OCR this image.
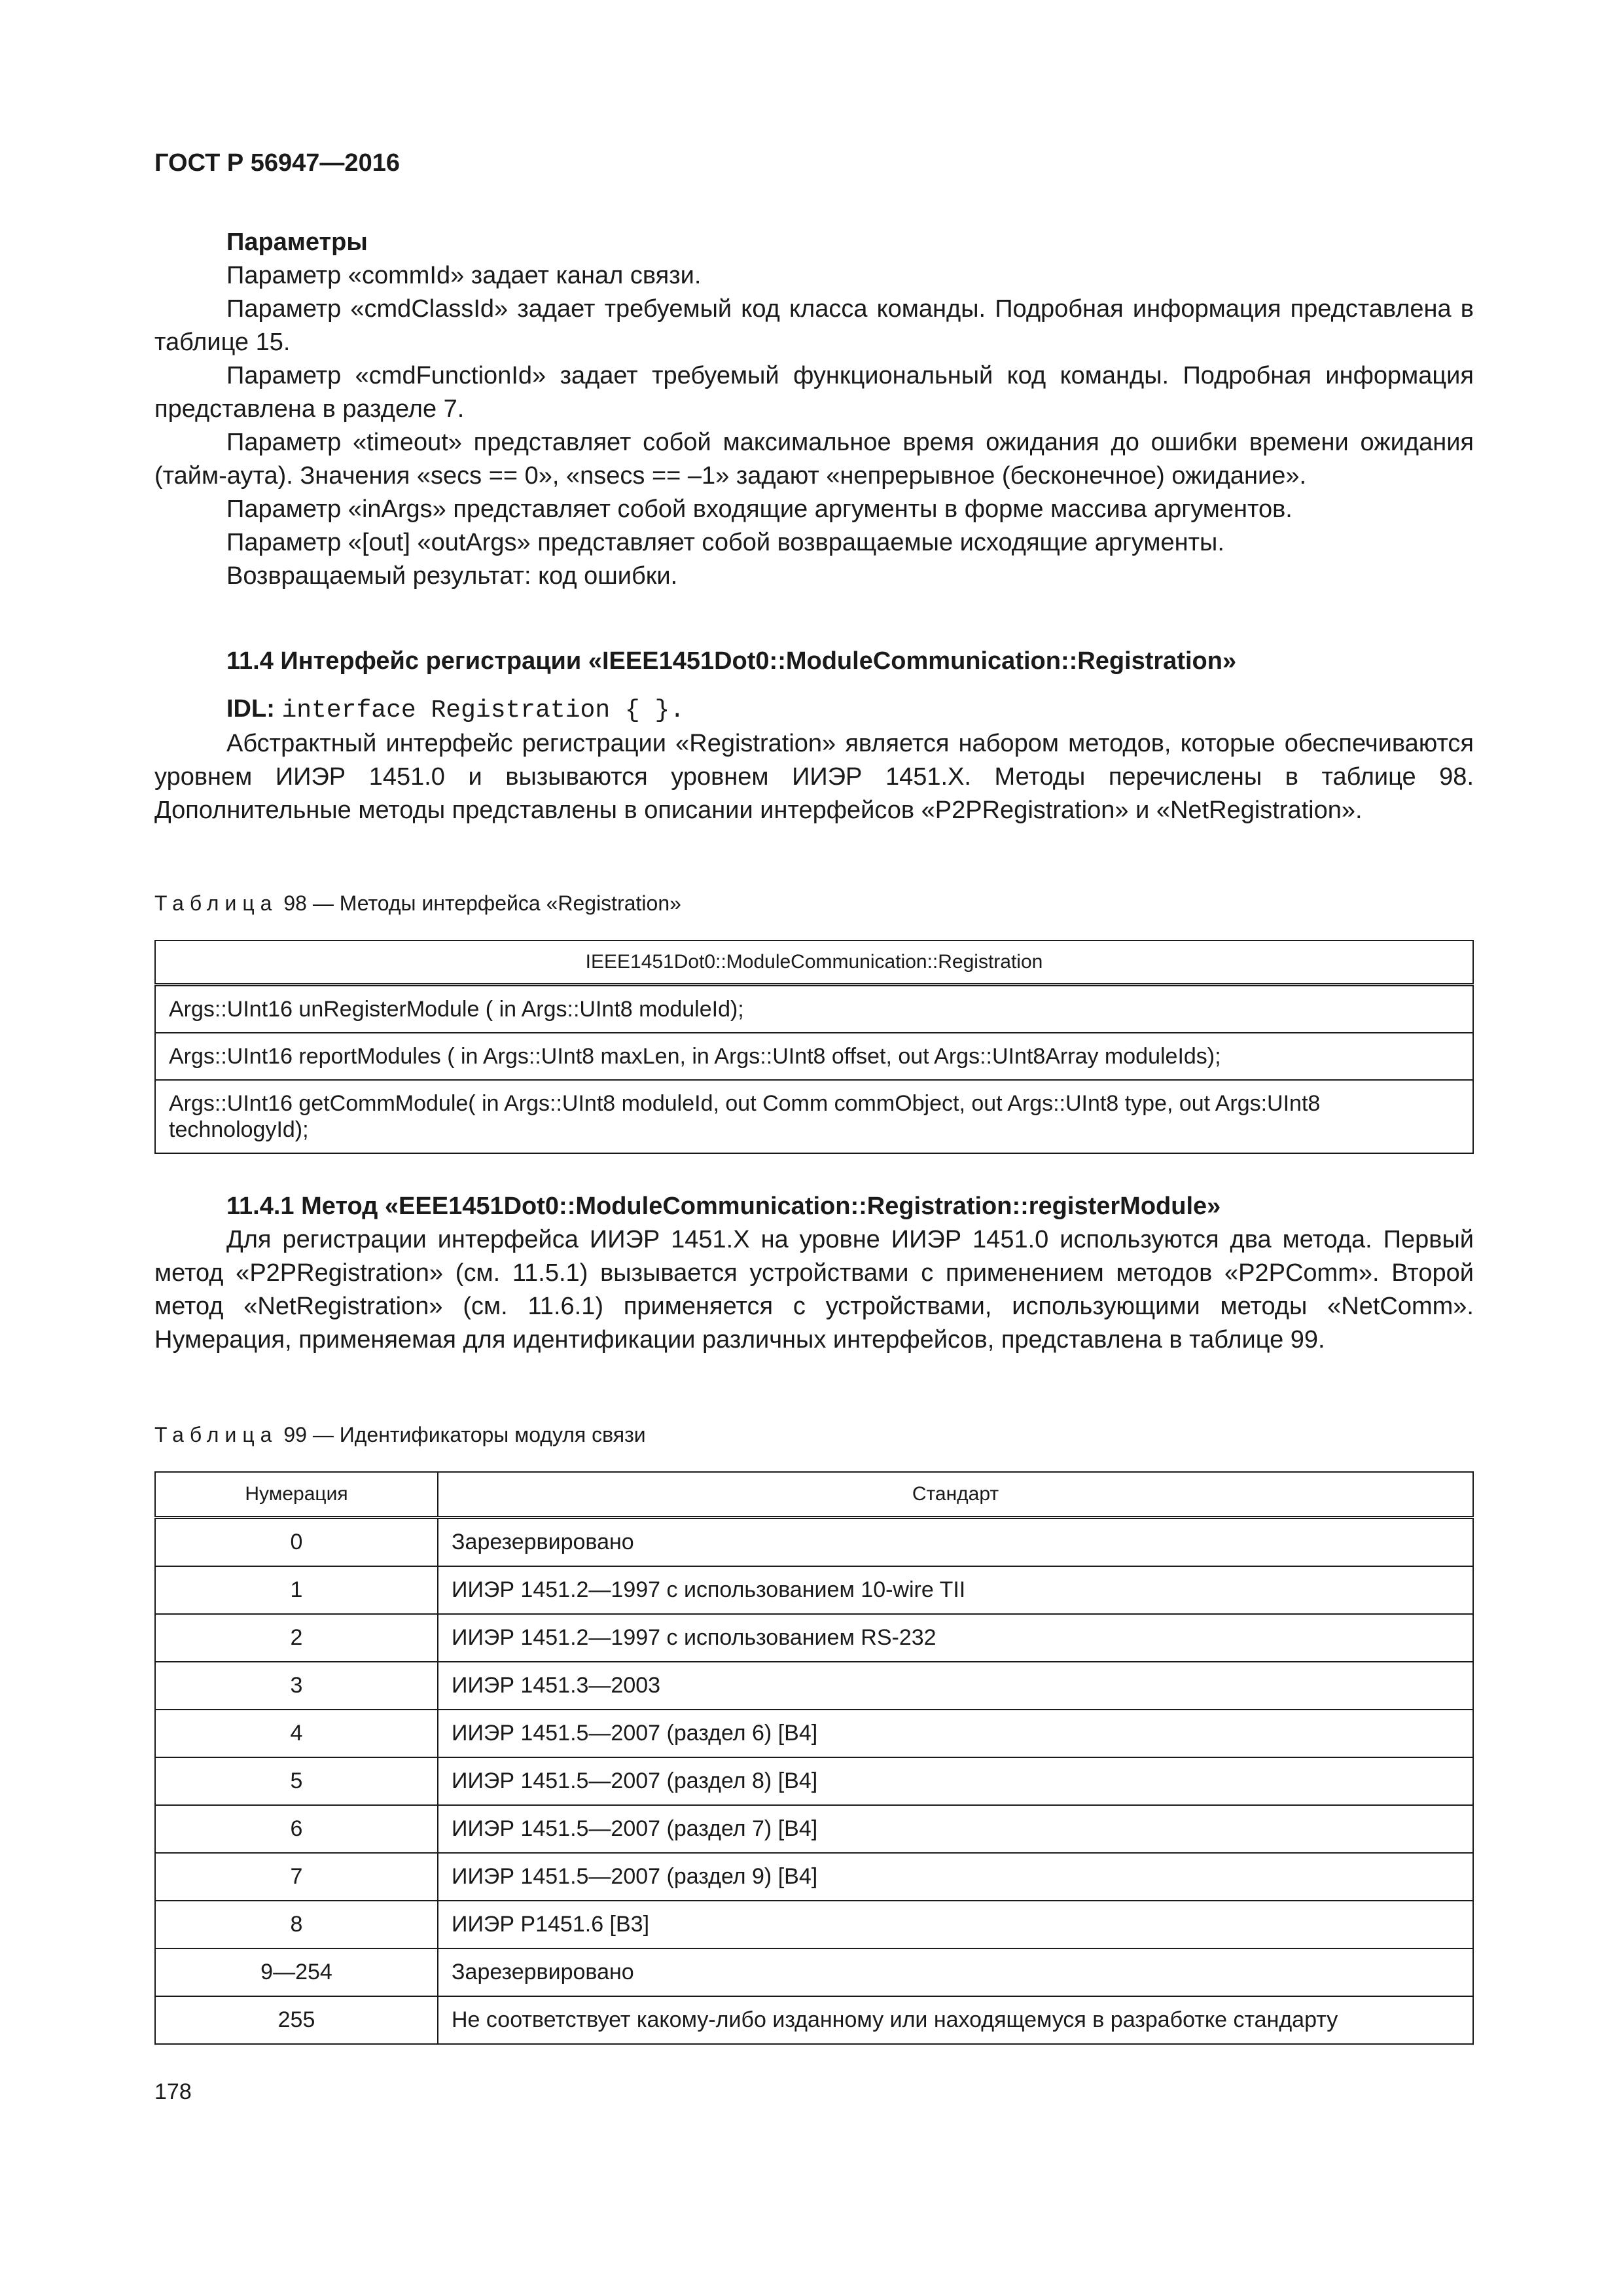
ГОСТ Р 56947—2016

Параметры

Параметр «commId» задает канал связи.

Параметр «cmdClassId» задает требуемый код класса команды. Подробная информация представлена в таблице 15.

Параметр «cmdFunctionId» задает требуемый функциональный код команды. Подробная информация представлена в разделе 7.

Параметр «timeout» представляет собой максимальное время ожидания до ошибки времени ожидания (тайм-аута). Значения «secs == 0», «nsecs == –1» задают «непрерывное (бесконечное) ожидание».

Параметр «inArgs» представляет собой входящие аргументы в форме массива аргументов.

Параметр «[out] «outArgs» представляет собой возвращаемые исходящие аргументы.

Возвращаемый результат: код ошибки.

11.4 Интерфейс регистрации «IEEE1451Dot0::ModuleCommunication::Registration»

IDL: interface Registration { }.

Абстрактный интерфейс регистрации «Registration» является набором методов, которые обеспечиваются уровнем ИИЭР 1451.0 и вызываются уровнем ИИЭР 1451.X. Методы перечислены в таблице 98. Дополнительные методы представлены в описании интерфейсов «P2PRegistration» и «NetRegistration».

Таблица 98 — Методы интерфейса «Registration»

IEEE1451Dot0::ModuleCommunication::Registration
Args::UInt16 unRegisterModule ( in Args::UInt8 moduleId);
Args::UInt16 reportModules ( in Args::UInt8 maxLen, in Args::UInt8 offset, out Args::UInt8Array moduleIds);
Args::UInt16 getCommModule( in Args::UInt8 moduleId, out Comm commObject, out Args::UInt8 type, out Args:UInt8 technologyId);

11.4.1 Метод «EEE1451Dot0::ModuleCommunication::Registration::registerModule»

Для регистрации интерфейса ИИЭР 1451.X на уровне ИИЭР 1451.0 используются два метода. Первый метод «P2PRegistration» (см. 11.5.1) вызывается устройствами с применением методов «P2PComm». Второй метод «NetRegistration» (см. 11.6.1) применяется с устройствами, использующими методы «NetComm». Нумерация, применяемая для идентификации различных интерфейсов, представлена в таблице 99.

Таблица 99 — Идентификаторы модуля связи

Нумерация	Стандарт
0	Зарезервировано
1	ИИЭР 1451.2—1997 с использованием 10-wire TII
2	ИИЭР 1451.2—1997 с использованием RS-232
3	ИИЭР 1451.3—2003
4	ИИЭР 1451.5—2007 (раздел 6) [В4]
5	ИИЭР 1451.5—2007 (раздел 8) [В4]
6	ИИЭР 1451.5—2007 (раздел 7) [В4]
7	ИИЭР 1451.5—2007 (раздел 9) [В4]
8	ИИЭР Р1451.6 [В3]
9—254	Зарезервировано
255	Не соответствует какому-либо изданному или находящемуся в разработке стандарту
178
